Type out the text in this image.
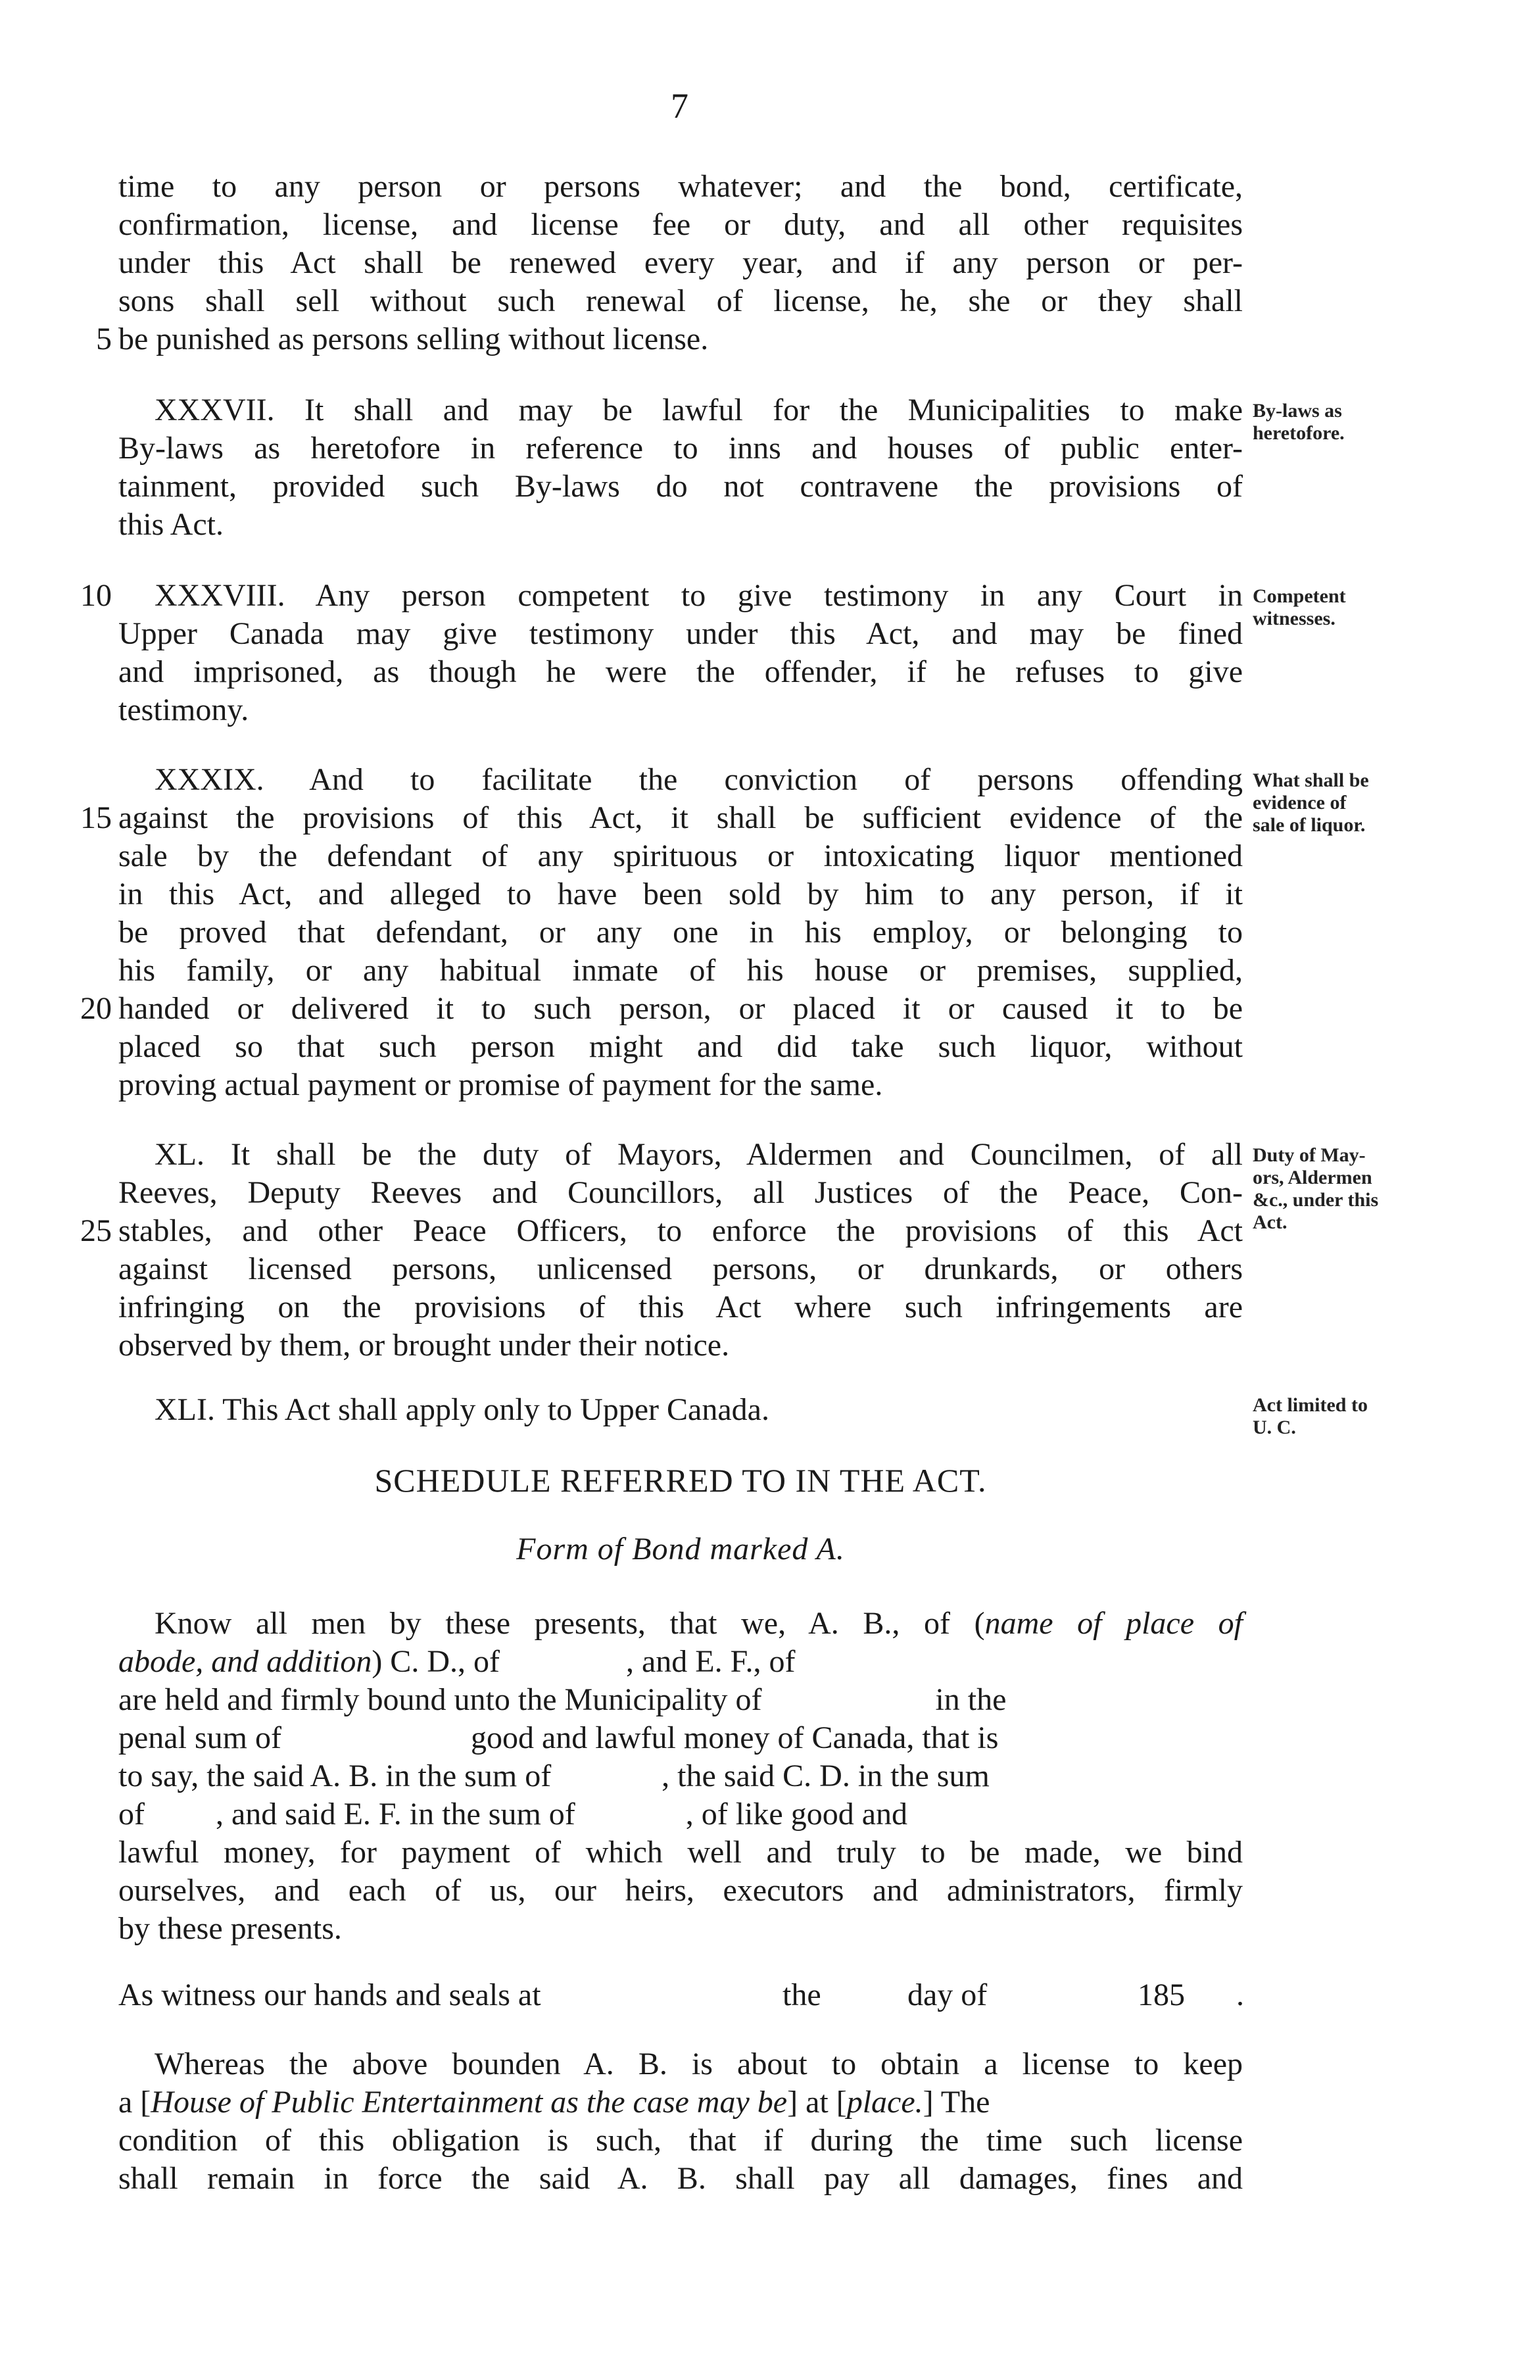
7
time to any person or persons whatever; and the bond, certificate,
confirmation, license, and license fee or duty, and all other requisites
under this Act shall be renewed every year, and if any person or per-
sons shall sell without such renewal of license, he, she or they shall
be punished as persons selling without license.
5
XXXVII. It shall and may be lawful for the Municipalities to make
By-laws as heretofore in reference to inns and houses of public enter-
tainment, provided such By-laws do not contravene the provisions of
this Act.
By-laws as
heretofore.
10 XXXVIII. Any person competent to give testimony in any Court in
Upper Canada may give testimony under this Act, and may be fined
and imprisoned, as though he were the offender, if he refuses to give
testimony.
Competent
witnesses.
XXXIX. And to facilitate the conviction of persons offending
15 against the provisions of this Act, it shall be sufficient evidence of the
sale by the defendant of any spirituous or intoxicating liquor mentioned
in this Act, and alleged to have been sold by him to any person, if it
be proved that defendant, or any one in his employ, or belonging to
his family, or any habitual inmate of his house or premises, supplied,
20 handed or delivered it to such person, or placed it or caused it to be
placed so that such person might and did take such liquor, without
proving actual payment or promise of payment for the same.
What shall be
evidence of
sale of liquor.
XL. It shall be the duty of Mayors, Aldermen and Councilmen, of all
Reeves, Deputy Reeves and Councillors, all Justices of the Peace, Con-
25 stables, and other Peace Officers, to enforce the provisions of this Act
against licensed persons, unlicensed persons, or drunkards, or others
infringing on the provisions of this Act where such infringements are
observed by them, or brought under their notice.
Duty of May-
ors, Aldermen
&c., under this
Act.
XLI. This Act shall apply only to Upper Canada.	Act limited to
U. C.
SCHEDULE REFERRED TO IN THE ACT.
Form of Bond marked A.
Know all men by these presents, that we, A. B., of (name of place of
abode, and addition) C. D., of                , and E. F., of
are held and firmly bound unto the Municipality of                      in the
penal sum of                        good and lawful money of Canada, that is
to say, the said A. B. in the sum of              , the said C. D. in the sum
of         , and said E. F. in the sum of              , of like good and
lawful money, for payment of which well and truly to be made, we bind
ourselves, and each of us, our heirs, executors and administrators, firmly
by these presents.
As witness our hands and seals at	the	day of	185 .
Whereas the above bounden A. B. is about to obtain a license to keep
a [House of Public Entertainment as the case may be] at [place.] The
condition of this obligation is such, that if during the time such license
shall remain in force the said A. B. shall pay all damages, fines and
